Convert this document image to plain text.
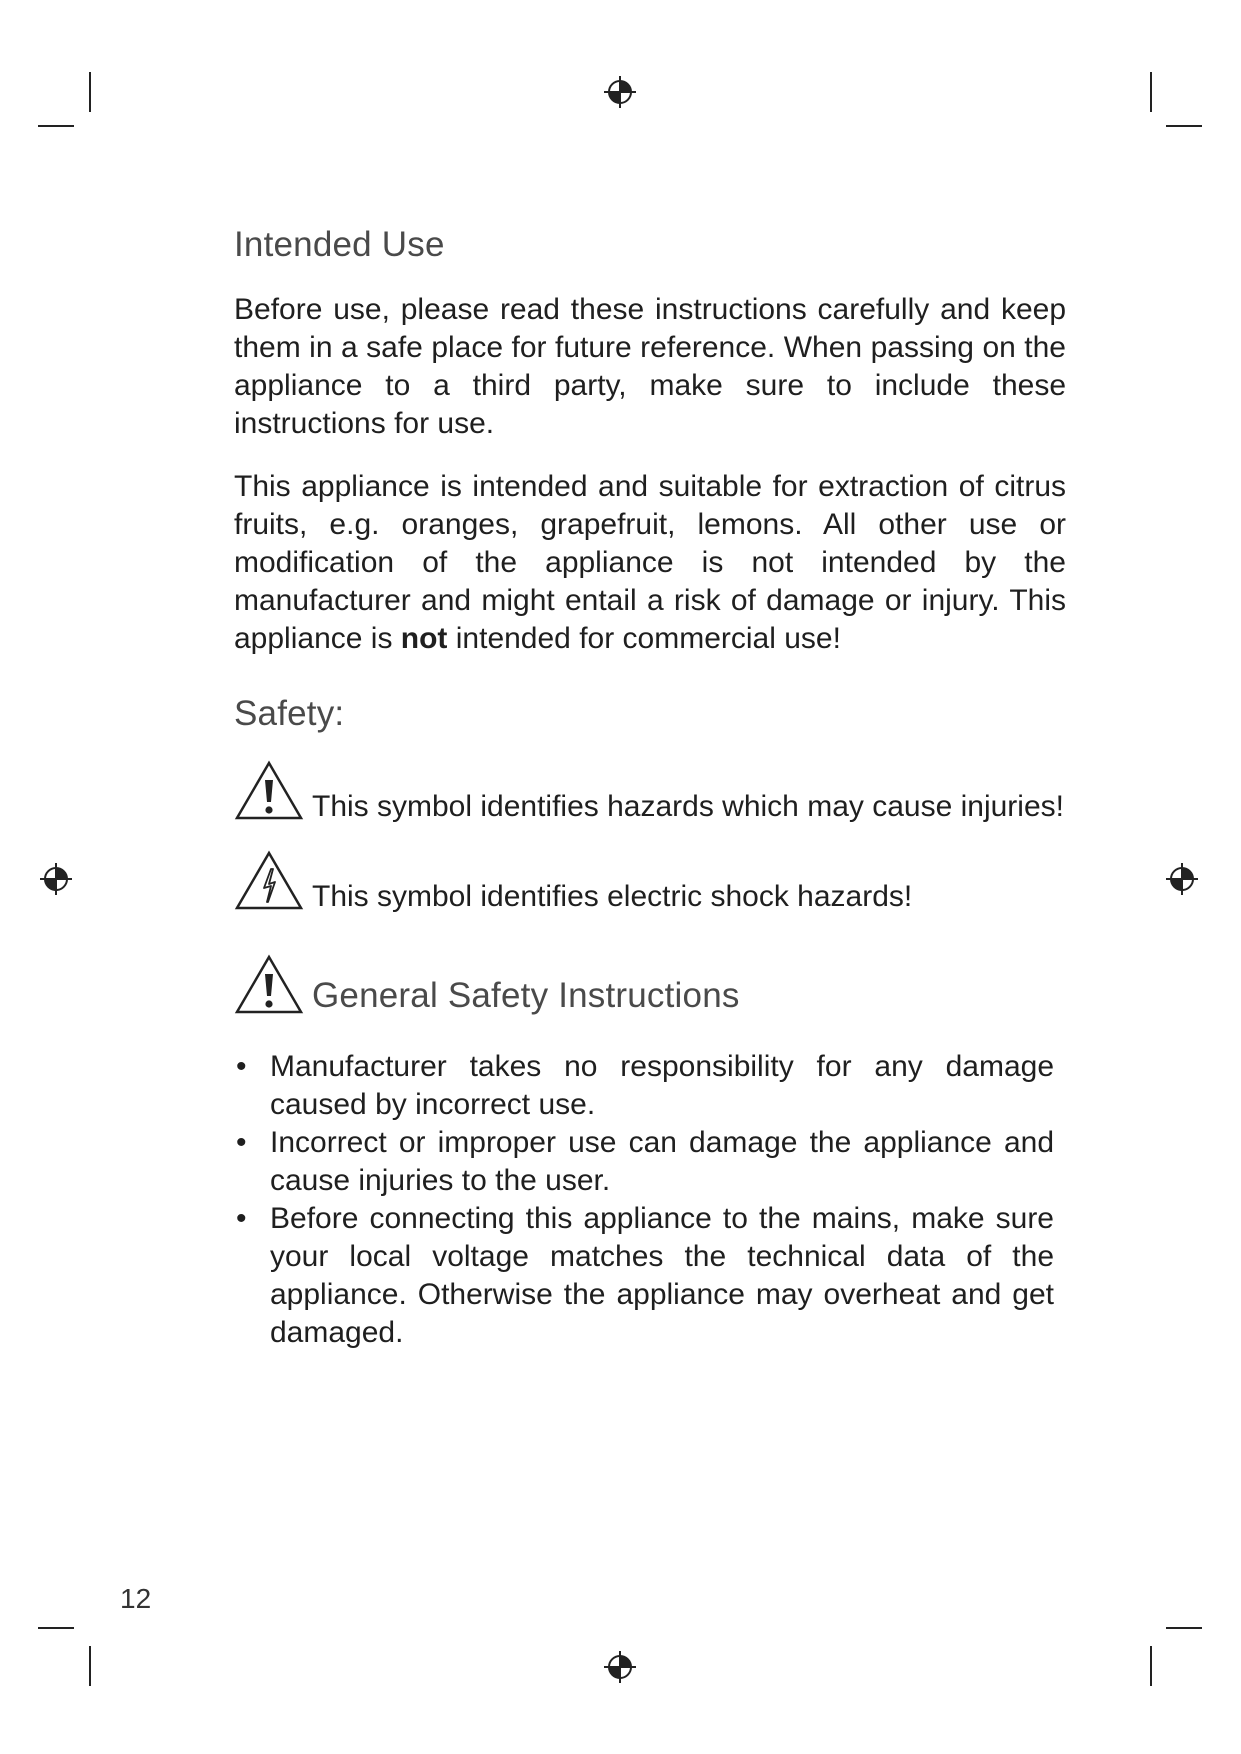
Intended Use

Before use, please read these instructions carefully and keep them in a safe place for future reference. When passing on the appliance to a third party, make sure to include these instructions for use.

This appliance is intended and suitable for extraction of citrus fruits, e.g. oranges, grapefruit, lemons. All other use or modification of the appliance is not intended by the manufacturer and might entail a risk of damage or injury. This appliance is not intended for commercial use!

Safety:
This symbol identifies hazards which may cause injuries!
This symbol identifies electric shock hazards!
General Safety Instructions
• Manufacturer takes no responsibility for any damage caused by incorrect use.
• Incorrect or improper use can damage the appliance and cause injuries to the user.
• Before connecting this appliance to the mains, make sure your local voltage matches the technical data of the appliance. Otherwise the appliance may overheat and get damaged.
12
